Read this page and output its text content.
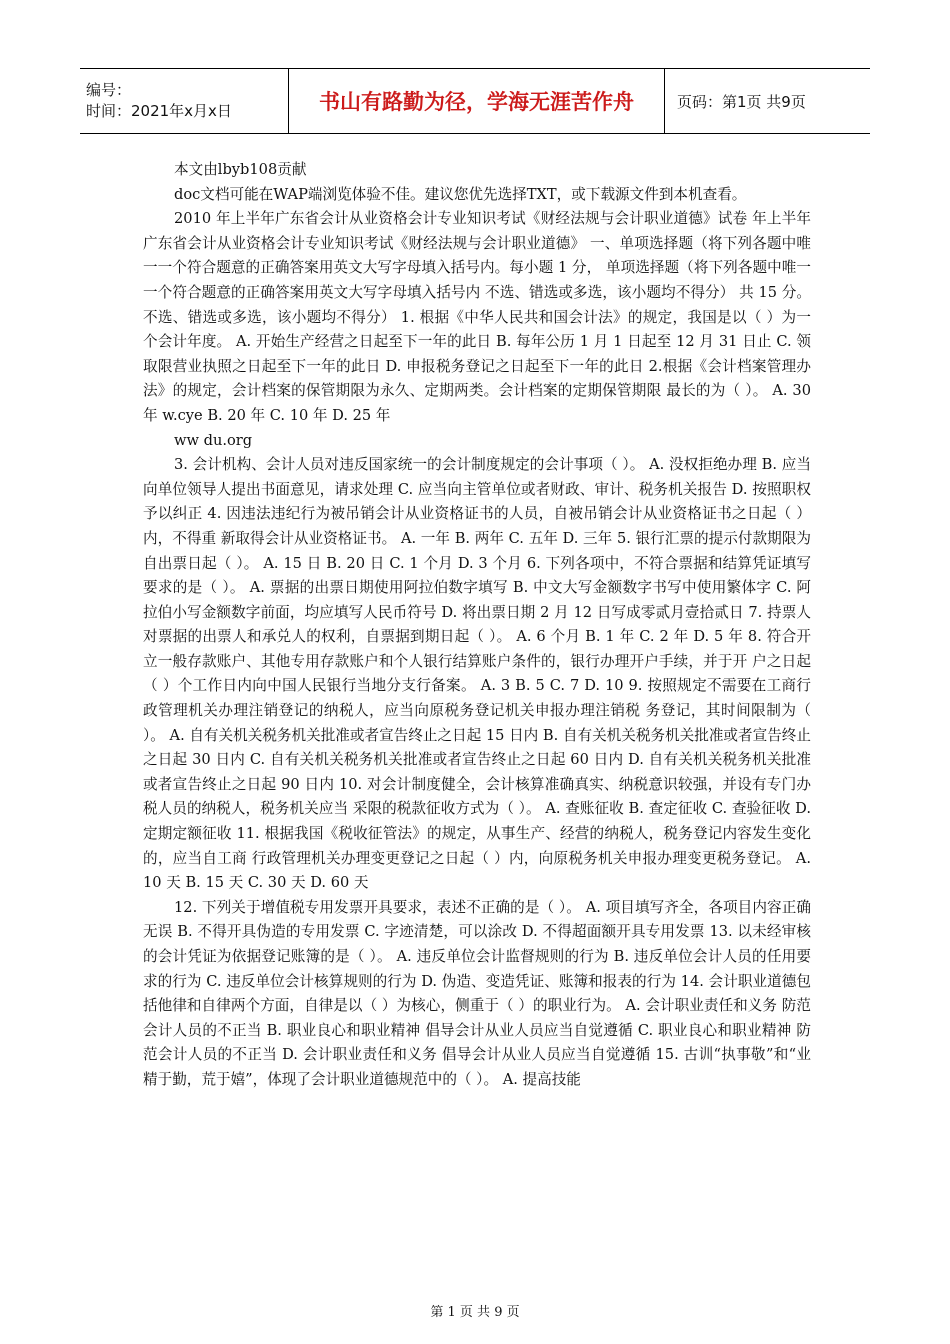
编号：
时间：2021年x月x日	书山有路勤为径，学海无涯苦作舟	页码：第1页 共9页

本文由lbyb108贡献

doc文档可能在WAP端浏览体验不佳。建议您优先选择TXT，或下载源文件到本机查看。

2010 年上半年广东省会计从业资格会计专业知识考试《财经法规与会计职业道德》试卷 年上半年广东省会计从业资格会计专业知识考试《财经法规与会计职业道德》 一、单项选择题（将下列各题中唯一一个符合题意的正确答案用英文大写字母填入括号内。每小题 1 分， 单项选择题（将下列各题中唯一一个符合题意的正确答案用英文大写字母填入括号内 不选、错选或多选，该小题均不得分） 共 15 分。不选、错选或多选，该小题均不得分） 1. 根据《中华人民共和国会计法》的规定，我国是以（ ）为一个会计年度。 A. 开始生产经营之日起至下一年的此日 B. 每年公历 1 月 1 日起至 12 月 31 日止 C. 领取限营业执照之日起至下一年的此日 D. 申报税务登记之日起至下一年的此日 2.根据《会计档案管理办法》的规定，会计档案的保管期限为永久、定期两类。会计档案的定期保管期限 最长的为（ ）。 A. 30 年 w.cye B. 20 年 C. 10 年 D. 25 年

ww du.org

3. 会计机构、会计人员对违反国家统一的会计制度规定的会计事项（ ）。 A. 没权拒绝办理 B. 应当向单位领导人提出书面意见，请求处理 C. 应当向主管单位或者财政、审计、税务机关报告 D. 按照职权予以纠正 4. 因违法违纪行为被吊销会计从业资格证书的人员，自被吊销会计从业资格证书之日起（ ）内，不得重 新取得会计从业资格证书。 A. 一年 B. 两年 C. 五年 D. 三年 5. 银行汇票的提示付款期限为自出票日起（ ）。 A. 15 日 B. 20 日 C. 1 个月 D. 3 个月 6. 下列各项中，不符合票据和结算凭证填写要求的是（ ）。 A. 票据的出票日期使用阿拉伯数字填写 B. 中文大写金额数字书写中使用繁体字 C. 阿拉伯小写金额数字前面，均应填写人民币符号 D. 将出票日期 2 月 12 日写成零贰月壹拾贰日 7. 持票人对票据的出票人和承兑人的权利，自票据到期日起（ ）。 A. 6 个月 B. 1 年 C. 2 年 D. 5 年 8. 符合开立一般存款账户、其他专用存款账户和个人银行结算账户条件的，银行办理开户手续，并于开 户之日起（ ）个工作日内向中国人民银行当地分支行备案。 A. 3 B. 5 C. 7 D. 10 9. 按照规定不需要在工商行政管理机关办理注销登记的纳税人，应当向原税务登记机关申报办理注销税 务登记，其时间限制为（ ）。 A. 自有关机关税务机关批准或者宣告终止之日起 15 日内 B. 自有关机关税务机关批准或者宣告终止之日起 30 日内 C. 自有关机关税务机关批准或者宣告终止之日起 60 日内 D. 自有关机关税务机关批准或者宣告终止之日起 90 日内 10. 对会计制度健全，会计核算准确真实、纳税意识较强，并设有专门办税人员的纳税人，税务机关应当 采限的税款征收方式为（ ）。 A. 查账征收 B. 查定征收 C. 查验征收 D. 定期定额征收 11. 根据我国《税收征管法》的规定，从事生产、经营的纳税人，税务登记内容发生变化的，应当自工商 行政管理机关办理变更登记之日起（ ）内，向原税务机关申报办理变更税务登记。 A. 10 天 B. 15 天 C. 30 天 D. 60 天

12. 下列关于增值税专用发票开具要求，表述不正确的是（ ）。 A. 项目填写齐全，各项目内容正确无误 B. 不得开具伪造的专用发票 C. 字迹清楚，可以涂改 D. 不得超面额开具专用发票 13. 以未经审核的会计凭证为依据登记账簿的是（ ）。 A. 违反单位会计监督规则的行为 B. 违反单位会计人员的任用要求的行为 C. 违反单位会计核算规则的行为 D. 伪造、变造凭证、账簿和报表的行为 14. 会计职业道德包括他律和自律两个方面，自律是以（ ）为核心，侧重于（ ）的职业行为。 A. 会计职业责任和义务 防范会计人员的不正当 B. 职业良心和职业精神 倡导会计从业人员应当自觉遵循 C. 职业良心和职业精神 防范会计人员的不正当 D. 会计职业责任和义务 倡导会计从业人员应当自觉遵循 15. 古训“执事敬”和“业精于勤，荒于嬉”，体现了会计职业道德规范中的（ ）。 A. 提高技能

第 1 页 共 9 页
